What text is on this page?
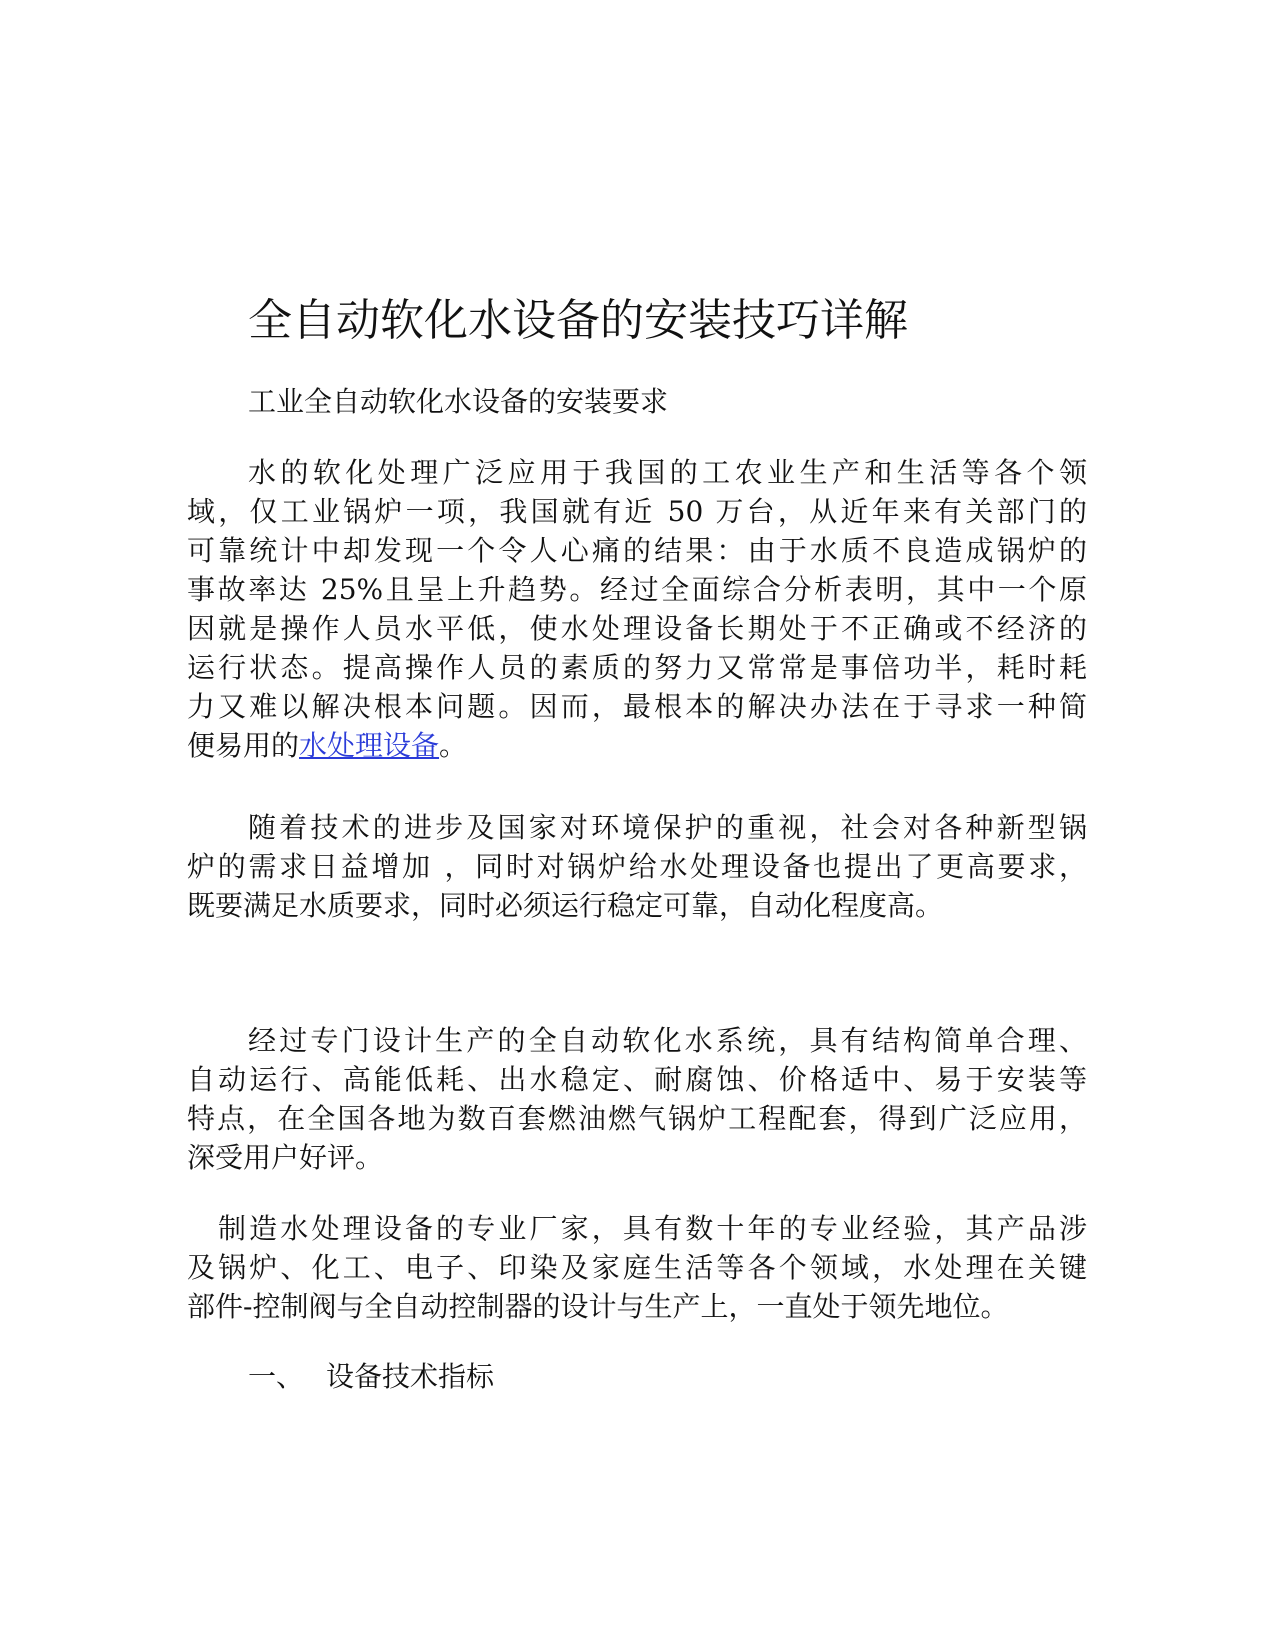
全自动软化水设备的安装技巧详解

工业全自动软化水设备的安装要求

水的软化处理广泛应用于我国的工农业生产和生活等各个领
域，仅工业锅炉一项，我国就有近 50 万台，从近年来有关部门的
可靠统计中却发现一个令人心痛的结果：由于水质不良造成锅炉的
事故率达 25%且呈上升趋势。经过全面综合分析表明，其中一个原
因就是操作人员水平低，使水处理设备长期处于不正确或不经济的
运行状态。提高操作人员的素质的努力又常常是事倍功半，耗时耗
力又难以解决根本问题。因而，最根本的解决办法在于寻求一种简
便易用的水处理设备。
随着技术的进步及国家对环境保护的重视，社会对各种新型锅
炉的需求日益增加 ，同时对锅炉给水处理设备也提出了更高要求，
既要满足水质要求，同时必须运行稳定可靠，自动化程度高。
经过专门设计生产的全自动软化水系统，具有结构简单合理、
自动运行、高能低耗、出水稳定、耐腐蚀、价格适中、易于安装等
特点，在全国各地为数百套燃油燃气锅炉工程配套，得到广泛应用，
深受用户好评。
制造水处理设备的专业厂家，具有数十年的专业经验，其产品涉
及锅炉、化工、电子、印染及家庭生活等各个领域，水处理在关键
部件-控制阀与全自动控制器的设计与生产上，一直处于领先地位。
一、 设备技术指标
